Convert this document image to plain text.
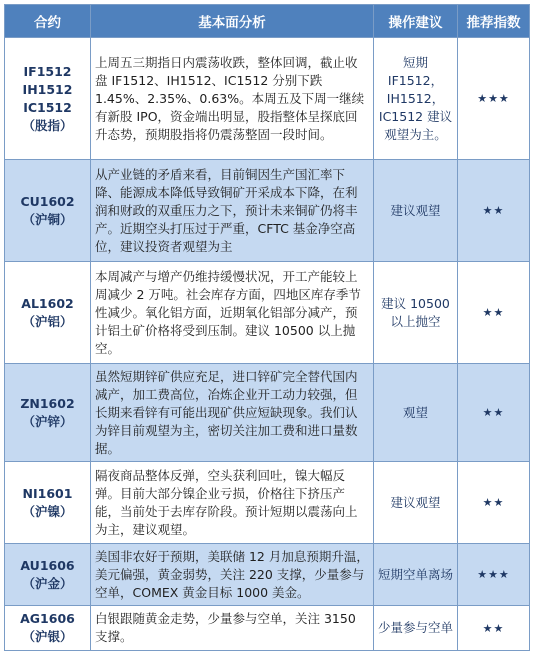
合约	基本面分析	操作建议	推荐指数

IF1512
IH1512
IC1512
（股指）	上周五三期指日内震荡收跌，整体回调，截止收盘 IF1512、IH1512、IC1512 分别下跌 1.45%、2.35%、0.63%。本周五及下周一继续有新股 IPO，资金端出明显，股指整体呈探底回升态势，预期股指将仍震荡整固一段时间。	短期 IF1512，IH1512，IC1512 建议观望为主。	★★★

CU1602
（沪铜）	从产业链的矛盾来看，目前铜因生产国汇率下降、能源成本降低导致铜矿开采成本下降，在利润和财政的双重压力之下，预计未来铜矿仍将丰产。近期空头打压过于严重，CFTC 基金净空高位，建议投资者观望为主	建议观望	★★

AL1602
（沪铝）	本周减产与增产仍维持缓慢状况，开工产能较上周减少 2 万吨。社会库存方面，四地区库存季节性减少。氧化铝方面，近期氧化铝部分减产，预计铝土矿价格将受到压制。建议 10500 以上抛空。	建议 10500 以上抛空	★★

ZN1602
（沪锌）	虽然短期锌矿供应充足，进口锌矿完全替代国内减产，加工费高位，冶炼企业开工动力较强，但长期来看锌有可能出现矿供应短缺现象。我们认为锌目前观望为主，密切关注加工费和进口量数据。	观望	★★

NI1601
（沪镍）	隔夜商品整体反弹，空头获利回吐，镍大幅反弹。目前大部分镍企业亏损，价格往下挤压产能，当前处于去库存阶段。预计短期以震荡向上为主，建议观望。	建议观望	★★

AU1606
（沪金）	美国非农好于预期，美联储 12 月加息预期升温，美元偏强，黄金弱势，关注 220 支撑，少量参与空单，COMEX 黄金目标 1000 美金。	短期空单离场	★★★

AG1606
（沪银）	白银跟随黄金走势，少量参与空单，关注 3150 支撑。	少量参与空单	★★
